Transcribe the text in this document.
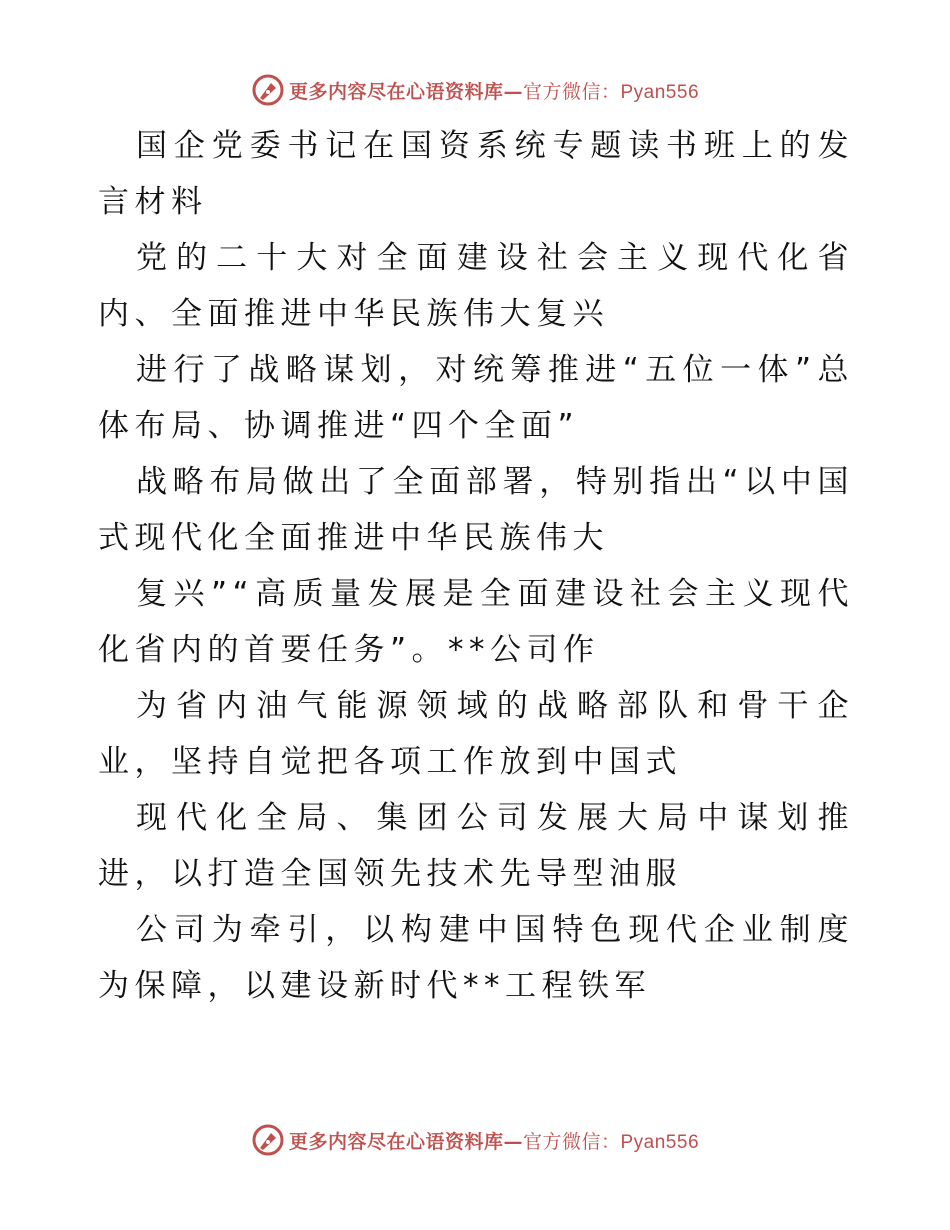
更多内容尽在心语资料库—官方微信：Pyan556

国企党委书记在国资系统专题读书班上的发言材料

党的二十大对全面建设社会主义现代化省内、全面推进中华民族伟大复兴

进行了战略谋划，对统筹推进“五位一体”总体布局、协调推进“四个全面”

战略布局做出了全面部署，特别指出“以中国式现代化全面推进中华民族伟大

复兴”“高质量发展是全面建设社会主义现代化省内的首要任务”。**公司作

为省内油气能源领域的战略部队和骨干企业，坚持自觉把各项工作放到中国式

现代化全局、集团公司发展大局中谋划推进，以打造全国领先技术先导型油服

公司为牵引，以构建中国特色现代企业制度为保障，以建设新时代**工程铁军

更多内容尽在心语资料库—官方微信：Pyan556
